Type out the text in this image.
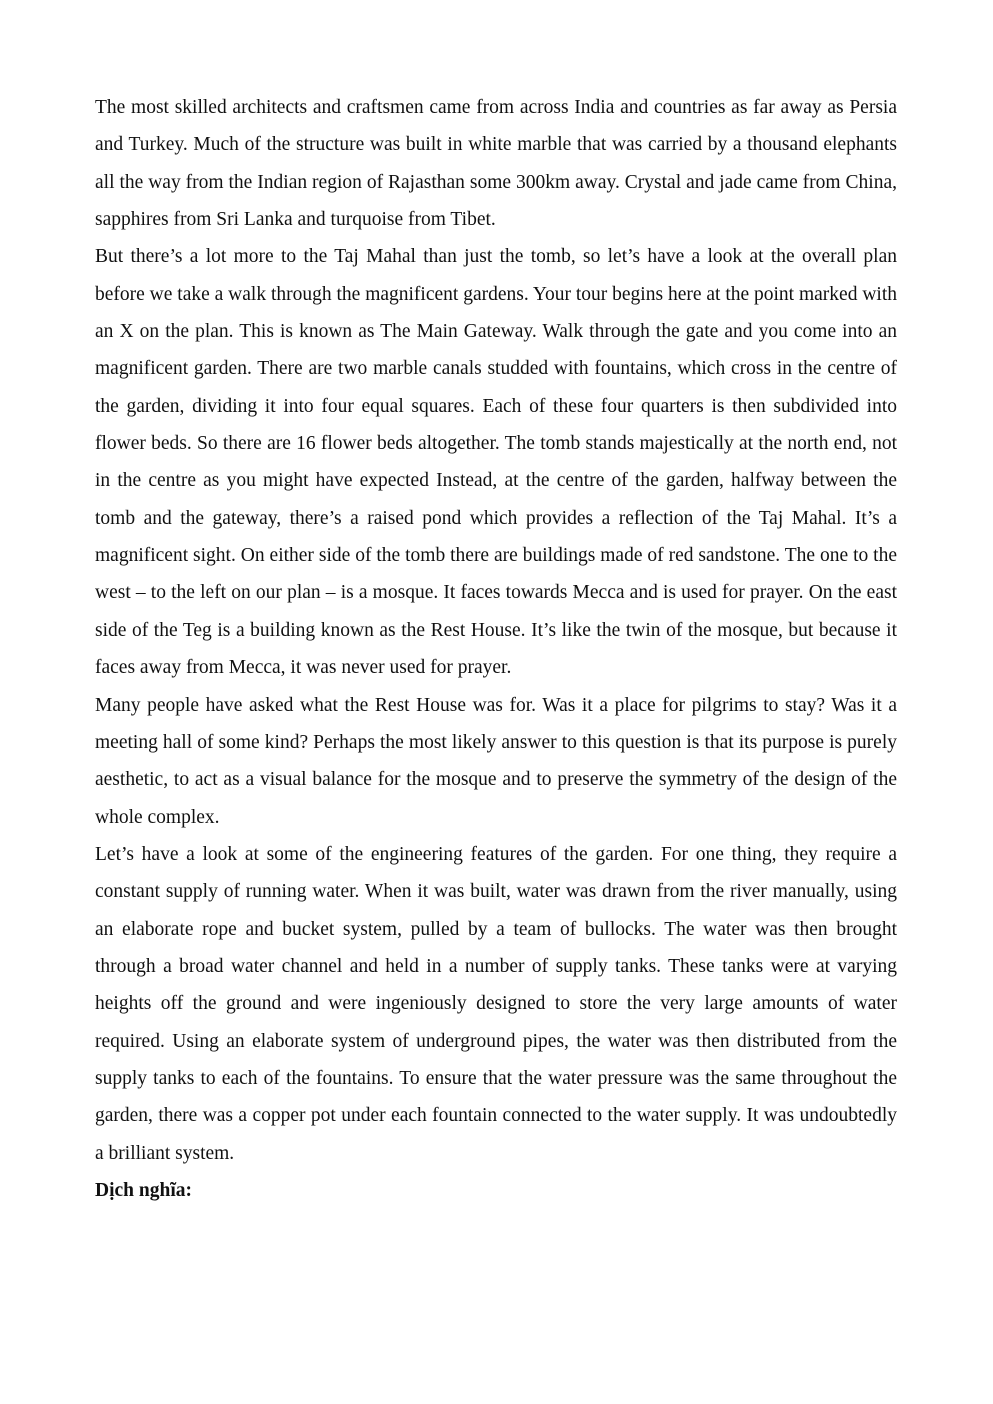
The most skilled architects and craftsmen came from across India and countries as far away as Persia and Turkey. Much of the structure was built in white marble that was carried by a thousand elephants all the way from the Indian region of Rajasthan some 300km away. Crystal and jade came from China, sapphires from Sri Lanka and turquoise from Tibet.

But there’s a lot more to the Taj Mahal than just the tomb, so let’s have a look at the overall plan before we take a walk through the magnificent gardens. Your tour begins here at the point marked with an X on the plan. This is known as The Main Gateway. Walk through the gate and you come into an magnificent garden. There are two marble canals studded with fountains, which cross in the centre of the garden, dividing it into four equal squares. Each of these four quarters is then subdivided into flower beds. So there are 16 flower beds altogether. The tomb stands majestically at the north end, not in the centre as you might have expected Instead, at the centre of the garden, halfway between the tomb and the gateway, there’s a raised pond which provides a reflection of the Taj Mahal. It’s a magnificent sight. On either side of the tomb there are buildings made of red sandstone. The one to the west – to the left on our plan – is a mosque. It faces towards Mecca and is used for prayer. On the east side of the Teg is a building known as the Rest House. It’s like the twin of the mosque, but because it faces away from Mecca, it was never used for prayer.

Many people have asked what the Rest House was for. Was it a place for pilgrims to stay? Was it a meeting hall of some kind? Perhaps the most likely answer to this question is that its purpose is purely aesthetic, to act as a visual balance for the mosque and to preserve the symmetry of the design of the whole complex.

Let’s have a look at some of the engineering features of the garden. For one thing, they require a constant supply of running water. When it was built, water was drawn from the river manually, using an elaborate rope and bucket system, pulled by a team of bullocks. The water was then brought through a broad water channel and held in a number of supply tanks. These tanks were at varying heights off the ground and were ingeniously designed to store the very large amounts of water required. Using an elaborate system of underground pipes, the water was then distributed from the supply tanks to each of the fountains. To ensure that the water pressure was the same throughout the garden, there was a copper pot under each fountain connected to the water supply. It was undoubtedly a brilliant system.

Dịch nghĩa:
